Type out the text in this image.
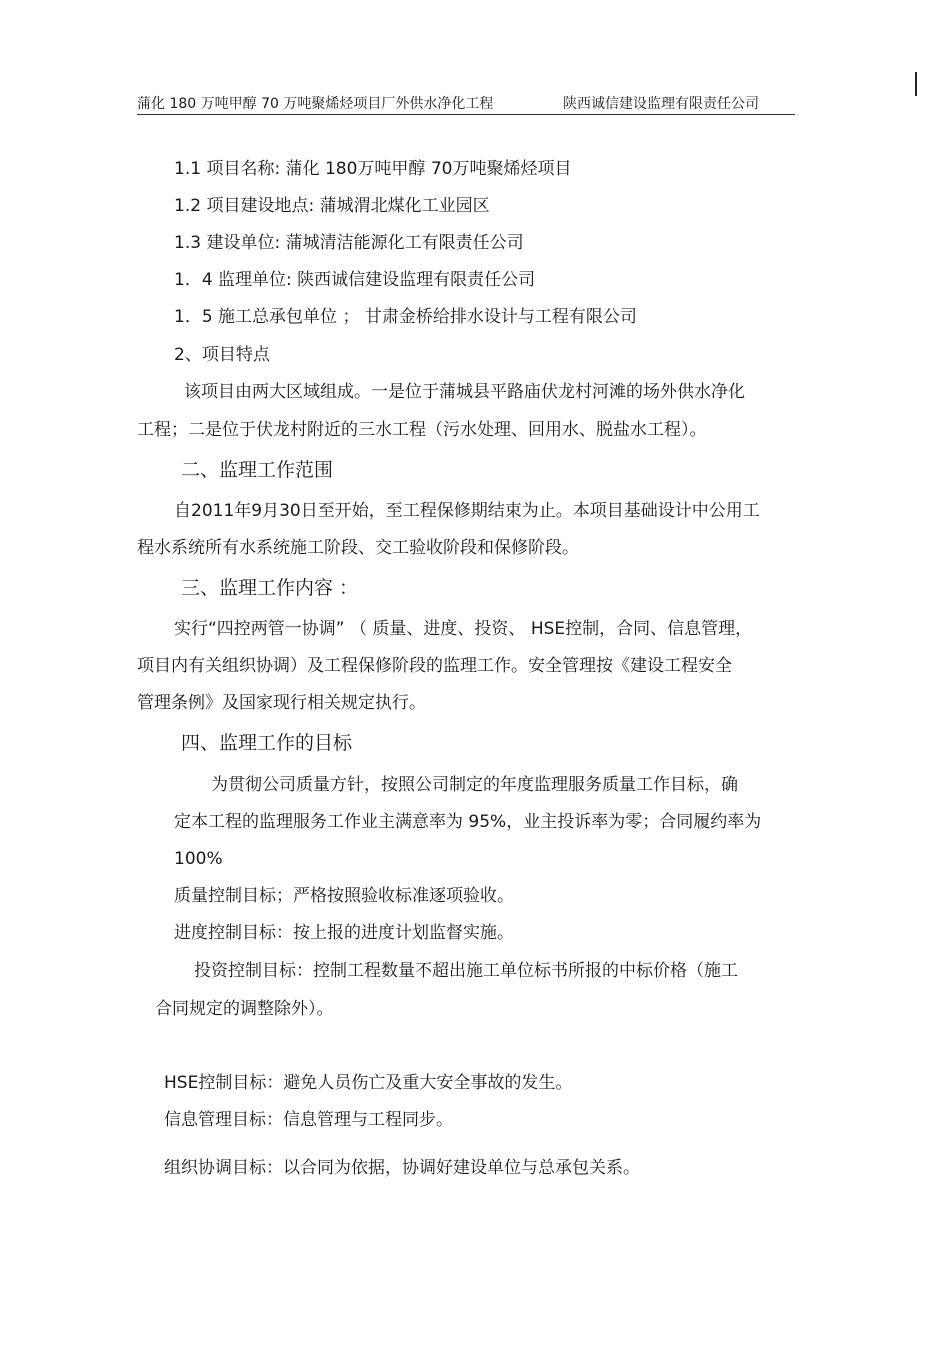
蒲化 180 万吨甲醇 70 万吨聚烯烃项目厂外供水净化工程	陕西诚信建设监理有限责任公司
1.1 项目名称: 蒲化 180万吨甲醇 70万吨聚烯烃项目
1.2 项目建设地点: 蒲城渭北煤化工业园区
1.3 建设单位: 蒲城清洁能源化工有限责任公司
1．4 监理单位: 陕西诚信建设监理有限责任公司
1．5 施工总承包单位 ； 甘肃金桥给排水设计与工程有限公司
2、项目特点
该项目由两大区域组成。一是位于蒲城县平路庙伏龙村河滩的场外供水净化
工程；二是位于伏龙村附近的三水工程（污水处理、回用水、脱盐水工程）。
二、监理工作范围
自2011年9月30日至开始，至工程保修期结束为止。本项目基础设计中公用工
程水系统所有水系统施工阶段、交工验收阶段和保修阶段。
三、监理工作内容 ：
实行“四控两管一协调” （ 质量、进度、投资、 HSE控制，合同、信息管理，
项目内有关组织协调）及工程保修阶段的监理工作。安全管理按《建设工程安全
管理条例》及国家现行相关规定执行。
四、监理工作的目标
为贯彻公司质量方针，按照公司制定的年度监理服务质量工作目标，确
定本工程的监理服务工作业主满意率为 95%，业主投诉率为零；合同履约率为
100%
质量控制目标；严格按照验收标准逐项验收。
进度控制目标：按上报的进度计划监督实施。
投资控制目标：控制工程数量不超出施工单位标书所报的中标价格（施工
合同规定的调整除外）。
HSE控制目标：避免人员伤亡及重大安全事故的发生。
信息管理目标：信息管理与工程同步。
组织协调目标：以合同为依据，协调好建设单位与总承包关系。
